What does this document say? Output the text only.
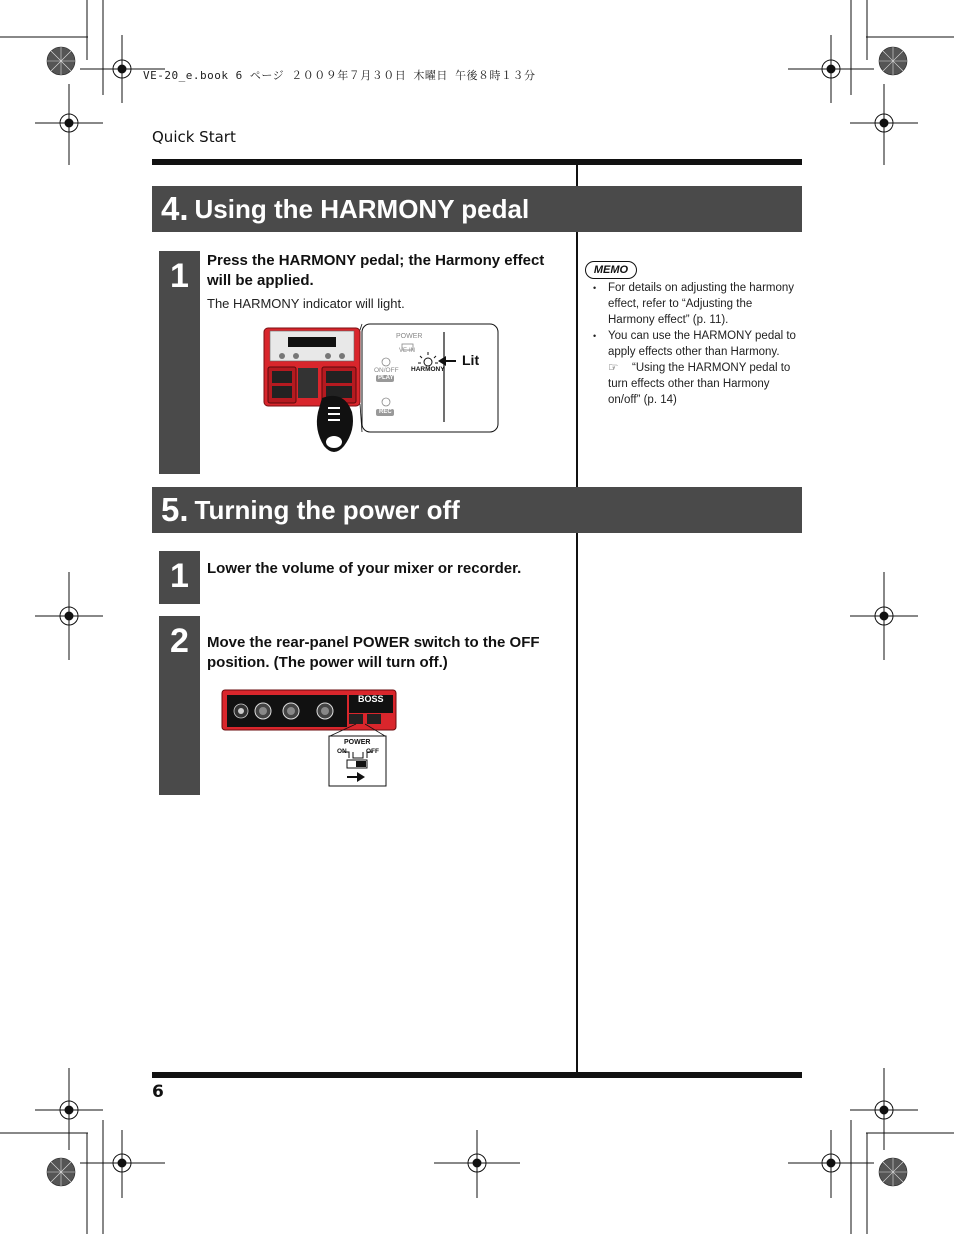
VE-20_e.book 6 ページ ２００９年７月３０日 木曜日 午後８時１３分
Quick Start
4. Using the HARMONY pedal
1	Press the HARMONY pedal; the Harmony effect will be applied.
The HARMONY indicator will light.
POWER
VE-IN
ON/OFF
PLAY
HARMONY
REC
Lit
MEMO
• For details on adjusting the harmony effect, refer to “Adjusting the Harmony effect” (p. 11).
• You can use the HARMONY pedal to apply effects other than Harmony.
☞ “Using the HARMONY pedal to turn effects other than Harmony on/off” (p. 14)
5. Turning the power off
1	Lower the volume of your mixer or recorder.
2	Move the rear-panel POWER switch to the OFF position. (The power will turn off.)
BOSS
POWER
ON	OFF
6
